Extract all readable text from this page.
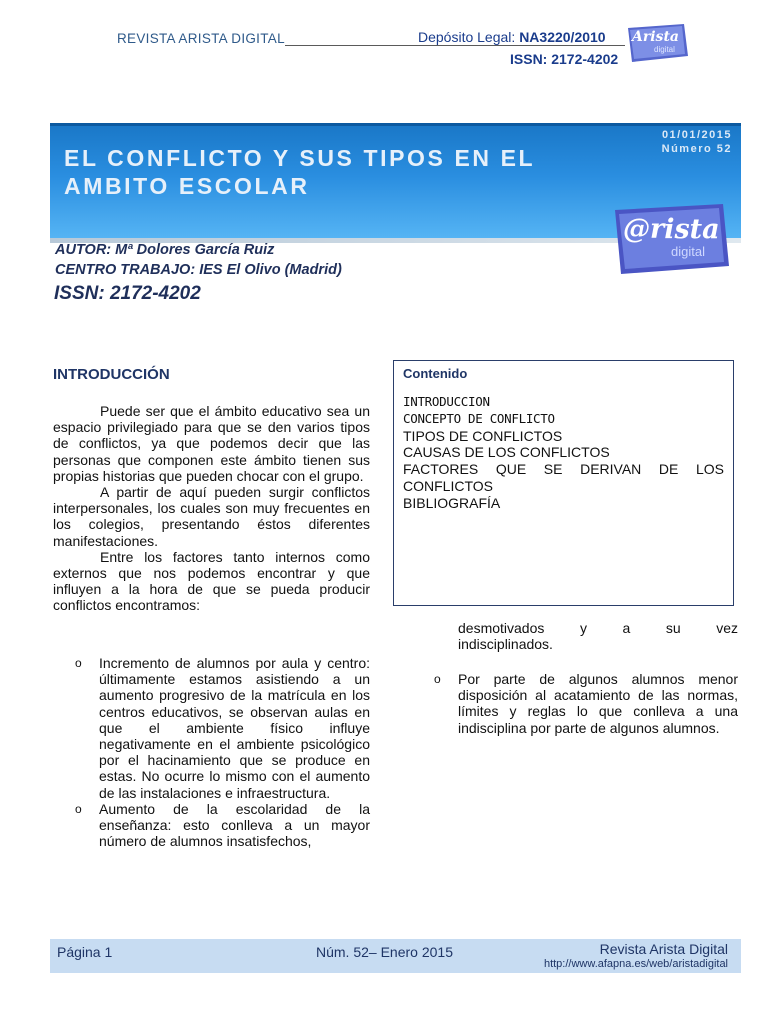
REVISTA ARISTA DIGITAL	Depósito Legal: NA3220/2010
ISSN: 2172-4202
Arista
digital
EL CONFLICTO Y SUS TIPOS EN EL AMBITO ESCOLAR
01/01/2015
Número 52
@rista
digital
AUTOR: Mª Dolores García Ruiz
CENTRO TRABAJO: IES El Olivo (Madrid)
ISSN: 2172-4202
INTRODUCCIÓN

Puede ser que el ámbito educativo sea un espacio privilegiado para que se den varios tipos de conflictos, ya que podemos decir que las personas que componen este ámbito tienen sus propias historias que pueden chocar con el grupo.

A partir de aquí pueden surgir conflictos interpersonales, los cuales son muy frecuentes en los colegios, presentando éstos diferentes manifestaciones.

Entre los factores tanto internos como externos que nos podemos encontrar y que influyen a la hora de que se pueda producir conflictos encontramos:

o Incremento de alumnos por aula y centro: últimamente estamos asistiendo a un aumento progresivo de la matrícula en los centros educativos, se observan aulas en que el ambiente físico influye negativamente en el ambiente psicológico por el hacinamiento que se produce en estas. No ocurre lo mismo con el aumento de las instalaciones e infraestructura.
o Aumento de la escolaridad de la enseñanza: esto conlleva a un mayor número de alumnos insatisfechos,
Contenido
INTRODUCCION
CONCEPTO DE CONFLICTO
TIPOS DE CONFLICTOS
CAUSAS DE LOS CONFLICTOS
FACTORES QUE SE DERIVAN DE LOS CONFLICTOS
BIBLIOGRAFÍA
desmotivados y a su vez
indisciplinados.
o Por parte de algunos alumnos menor disposición al acatamiento de las normas, límites y reglas lo que conlleva a una indisciplina por parte de algunos alumnos.
Página 1	Núm. 52– Enero 2015	Revista Arista Digital
http://www.afapna.es/web/aristadigital
